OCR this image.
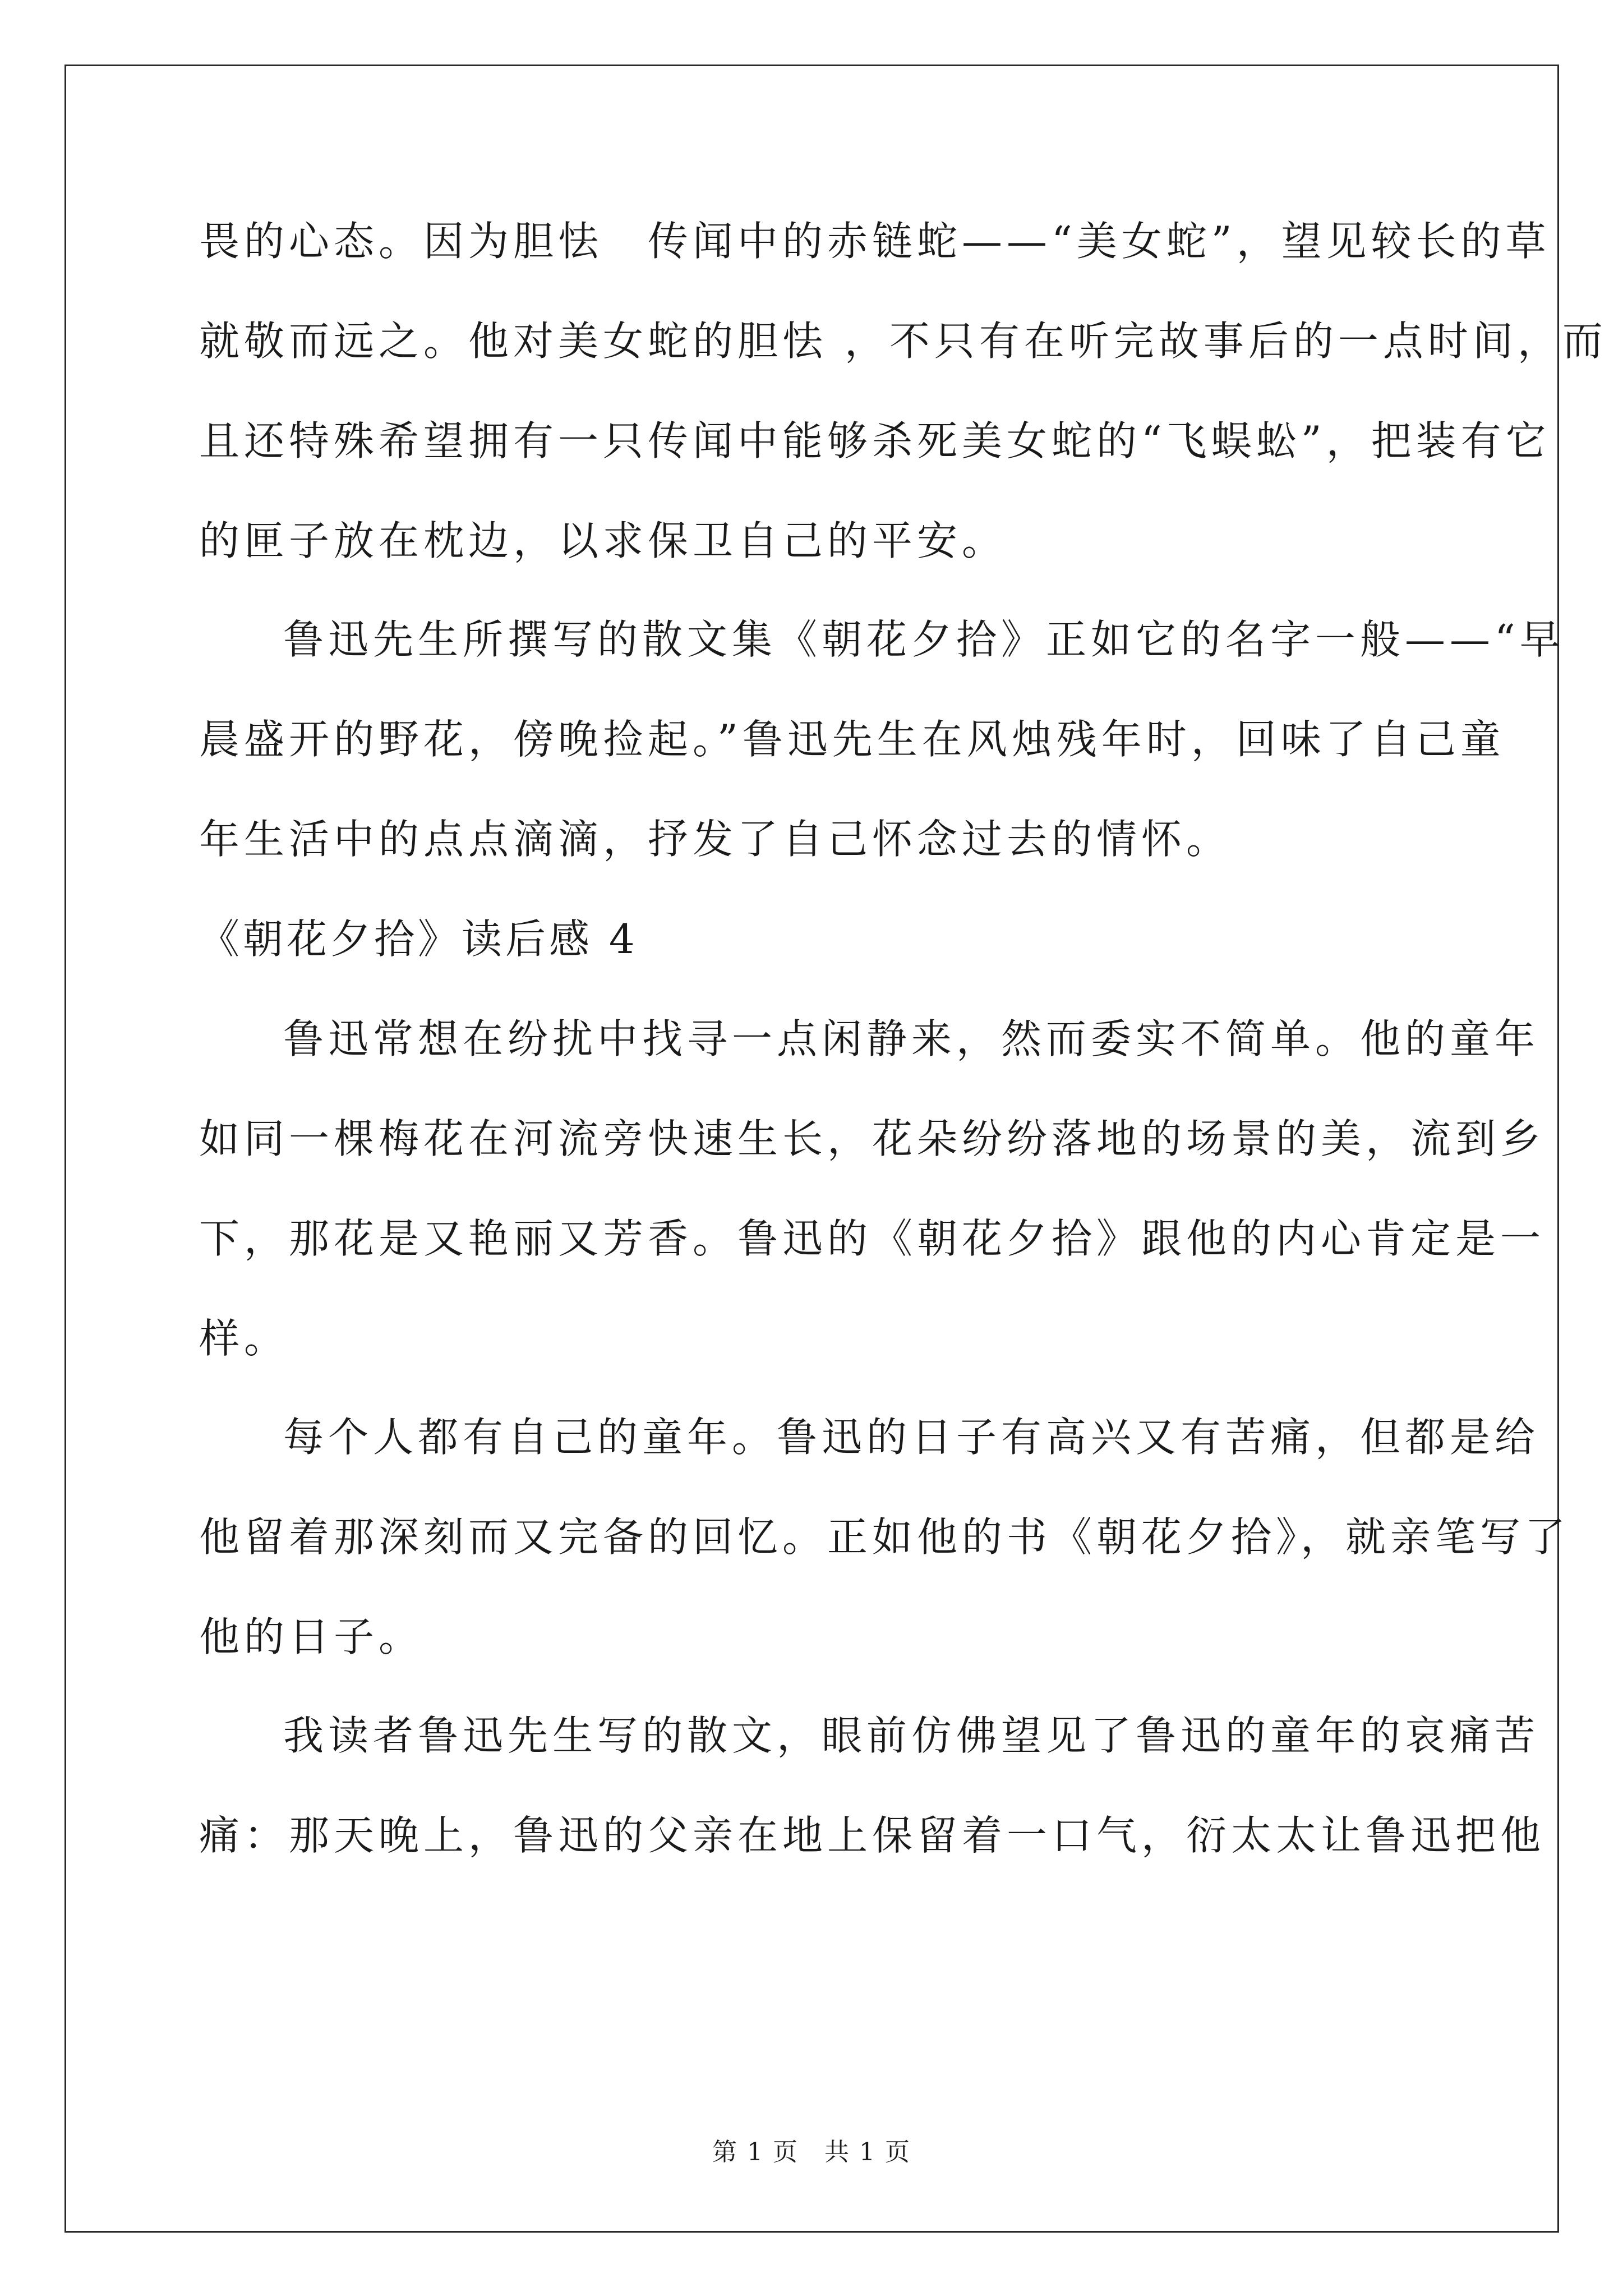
畏的心态。因为胆怯　传闻中的赤链蛇——“美女蛇”，望见较长的草
就敬而远之。他对美女蛇的胆怯 ，不只有在听完故事后的一点时间，而
且还特殊希望拥有一只传闻中能够杀死美女蛇的“飞蜈蚣”，把装有它
的匣子放在枕边，以求保卫自己的平安。
鲁迅先生所撰写的散文集《朝花夕拾》正如它的名字一般——“早
晨盛开的野花，傍晚捡起。”鲁迅先生在风烛残年时，回味了自己童
年生活中的点点滴滴，抒发了自己怀念过去的情怀。
《朝花夕拾》读后感 4
鲁迅常想在纷扰中找寻一点闲静来，然而委实不简单。他的童年
如同一棵梅花在河流旁快速生长，花朵纷纷落地的场景的美，流到乡
下，那花是又艳丽又芳香。鲁迅的《朝花夕拾》跟他的内心肯定是一
样。
每个人都有自己的童年。鲁迅的日子有高兴又有苦痛，但都是给
他留着那深刻而又完备的回忆。正如他的书《朝花夕拾》，就亲笔写了
他的日子。
我读者鲁迅先生写的散文，眼前仿佛望见了鲁迅的童年的哀痛苦
痛：那天晚上，鲁迅的父亲在地上保留着一口气，衍太太让鲁迅把他
第 1 页　共 1 页
